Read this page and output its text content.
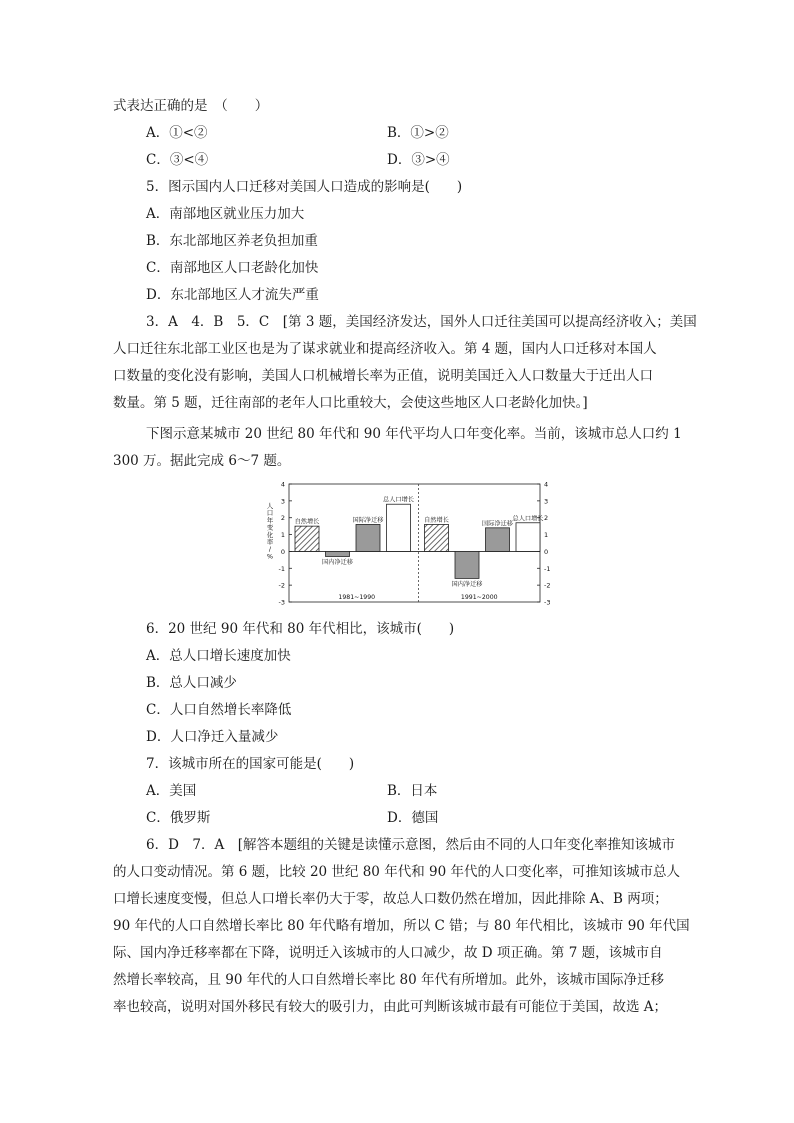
式表达正确的是　（　　）
A．①<②	B．①>②
C．③<④	D．③>④
5．图示国内人口迁移对美国人口造成的影响是(　　)
A．南部地区就业压力加大
B．东北部地区养老负担加重
C．南部地区人口老龄化加快
D．东北部地区人才流失严重
3．A　4．B　5．C　[第 3 题，美国经济发达，国外人口迁往美国可以提高经济收入；美国
人口迁往东北部工业区也是为了谋求就业和提高经济收入。第 4 题，国内人口迁移对本国人
口数量的变化没有影响，美国人口机械增长率为正值，说明美国迁入人口数量大于迁出人口
数量。第 5 题，迁往南部的老年人口比重较大，会使这些地区人口老龄化加快。]
下图示意某城市 20 世纪 80 年代和 90 年代平均人口年变化率。当前，该城市总人口约 1
300 万。据此完成 6～7 题。
4	4
3	3
2	2
1	1
0	0
-1	-1
-2	-2
-3	-3
人口年变化率/ %
自然增长
国内净迁移
国际净迁移
总人口增长
1981~1990
自然增长
国内净迁移
国际净迁移
总人口增长
1991~2000
6．20 世纪 90 年代和 80 年代相比，该城市(　　)
A．总人口增长速度加快
B．总人口减少
C．人口自然增长率降低
D．人口净迁入量减少
7．该城市所在的国家可能是(　　)
A．美国	B．日本
C．俄罗斯	D．德国
6．D　7．A　[解答本题组的关键是读懂示意图，然后由不同的人口年变化率推知该城市
的人口变动情况。第 6 题，比较 20 世纪 80 年代和 90 年代的人口变化率，可推知该城市总人
口增长速度变慢，但总人口增长率仍大于零，故总人口数仍然在增加，因此排除 A、B 两项；
90 年代的人口自然增长率比 80 年代略有增加，所以 C 错；与 80 年代相比，该城市 90 年代国
际、国内净迁移率都在下降，说明迁入该城市的人口减少，故 D 项正确。第 7 题，该城市自
然增长率较高，且 90 年代的人口自然增长率比 80 年代有所增加。此外，该城市国际净迁移
率也较高，说明对国外移民有较大的吸引力，由此可判断该城市最有可能位于美国，故选 A；
